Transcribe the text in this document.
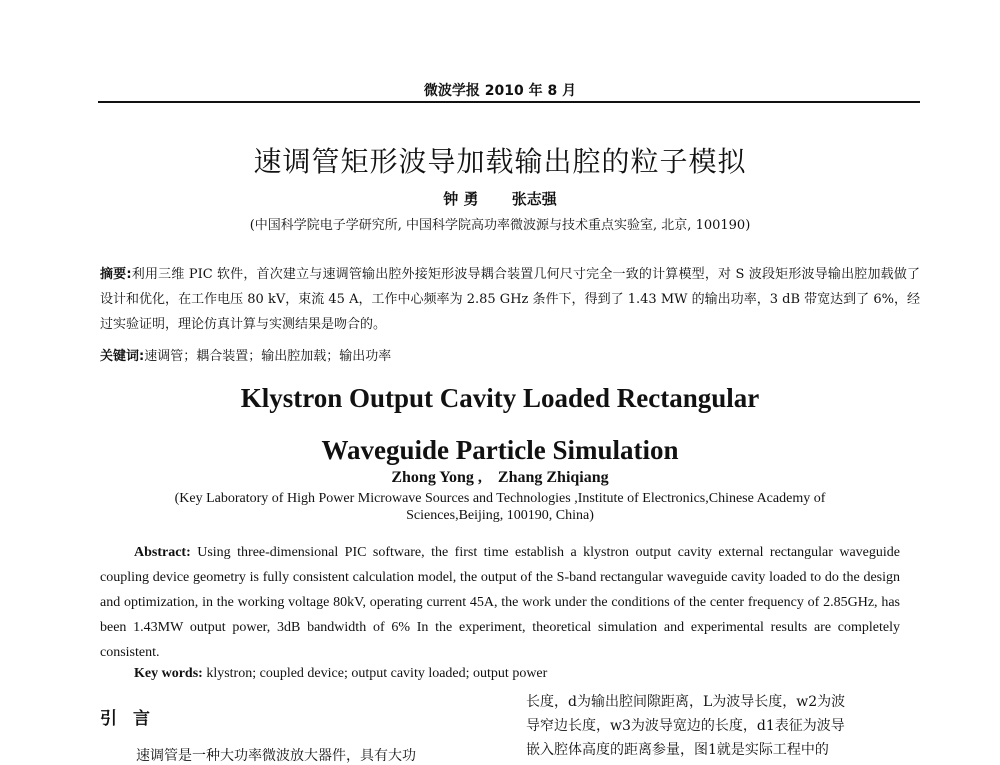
微波学报 2010 年 8 月
速调管矩形波导加载输出腔的粒子模拟
钟 勇 张志强
(中国科学院电子学研究所, 中国科学院高功率微波源与技术重点实验室, 北京, 100190)
摘要:利用三维 PIC 软件，首次建立与速调管输出腔外接矩形波导耦合装置几何尺寸完全一致的计算模型，对 S 波段矩形波导输出腔加载做了设计和优化，在工作电压 80 kV，束流 45 A，工作中心频率为 2.85 GHz 条件下，得到了 1.43 MW 的输出功率，3 dB 带宽达到了 6%，经过实验证明，理论仿真计算与实测结果是吻合的。
关键词:速调管；耦合装置；输出腔加载；输出功率
Klystron Output Cavity Loaded Rectangular
Waveguide Particle Simulation
Zhong Yong , Zhang Zhiqiang
(Key Laboratory of High Power Microwave Sources and Technologies ,Institute of Electronics,Chinese Academy of
Sciences,Beijing, 100190, China)
Abstract: Using three-dimensional PIC software, the first time establish a klystron output cavity external rectangular waveguide coupling device geometry is fully consistent calculation model, the output of the S-band rectangular waveguide cavity loaded to do the design and optimization, in the working voltage 80kV, operating current 45A, the work under the conditions of the center frequency of 2.85GHz, has been 1.43MW output power, 3dB bandwidth of 6% In the experiment, theoretical simulation and experimental results are completely consistent.
Key words: klystron; coupled device; output cavity loaded; output power
引 言
速调管是一种大功率微波放大器件，具有大功
长度，d为输出腔间隙距离，L为波导长度，w2为波
导窄边长度，w3为波导宽边的长度，d1表征为波导
嵌入腔体高度的距离参量，图1就是实际工程中的
